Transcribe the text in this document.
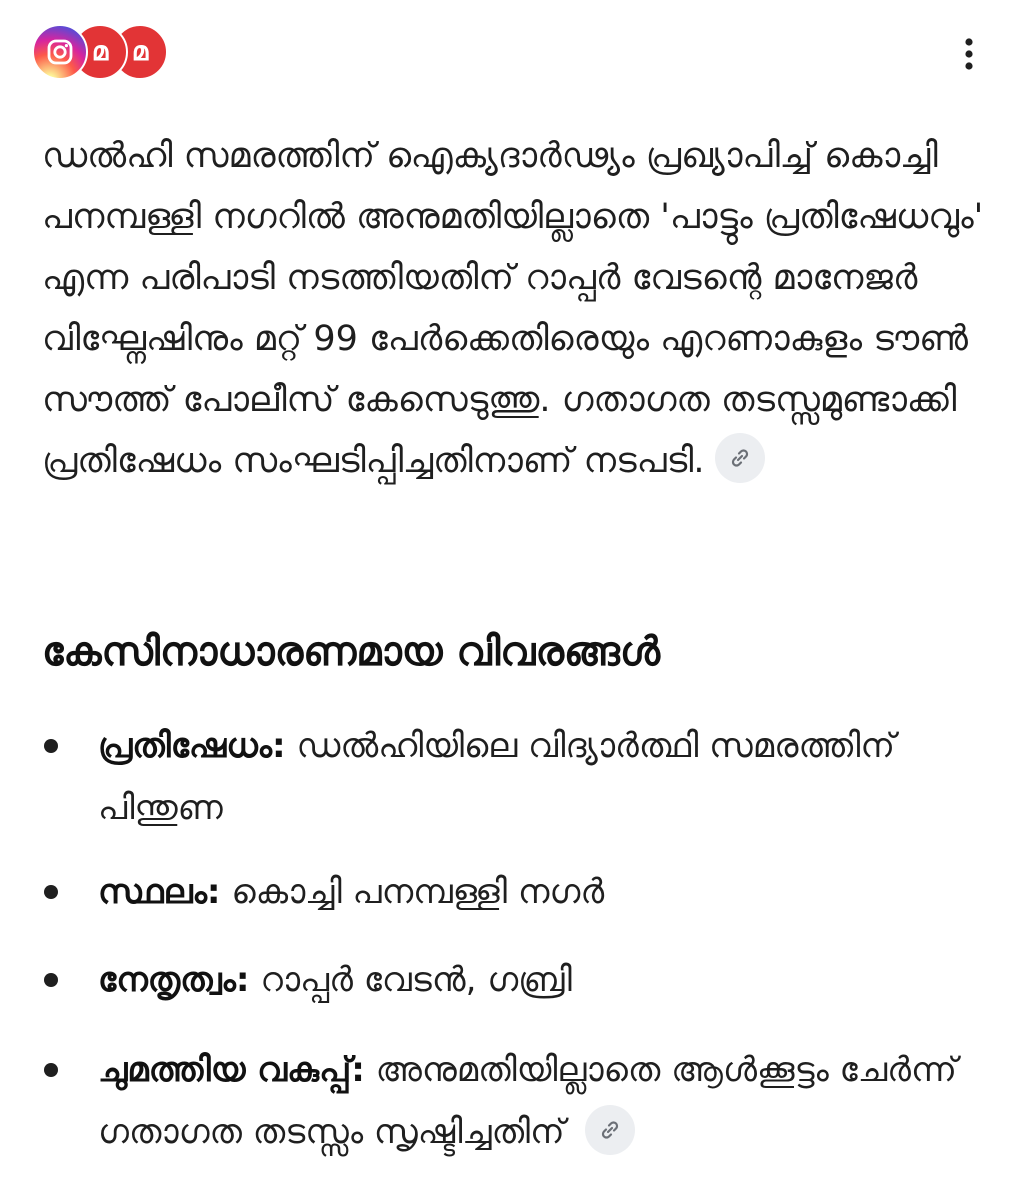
മ മ

ഡൽഹി സമരത്തിന് ഐക്യദാർഢ്യം പ്രഖ്യാപിച്ച് കൊച്ചി പനമ്പള്ളി നഗറിൽ അനുമതിയില്ലാതെ 'പാട്ടും പ്രതിഷേധവും' എന്ന പരിപാടി നടത്തിയതിന് റാപ്പർ വേടന്റെ മാനേജർ വിഘ്നേഷിനും മറ്റ് 99 പേർക്കെതിരെയും എറണാകുളം ടൗൺ സൗത്ത് പോലീസ് കേസെടുത്തു. ഗതാഗത തടസ്സമുണ്ടാക്കി പ്രതിഷേധം സംഘടിപ്പിച്ചതിനാണ് നടപടി.

കേസിനാധാരണമായ വിവരങ്ങൾ
പ്രതിഷേധം: ഡൽഹിയിലെ വിദ്യാർത്ഥി സമരത്തിന് പിന്തുണ
സ്ഥലം: കൊച്ചി പനമ്പള്ളി നഗർ
നേതൃത്വം: റാപ്പർ വേടൻ, ഗബ്രി
ചുമത്തിയ വകുപ്പ്: അനുമതിയില്ലാതെ ആൾക്കൂട്ടം ചേർന്ന് ഗതാഗത തടസ്സം സൃഷ്ടിച്ചതിന്
